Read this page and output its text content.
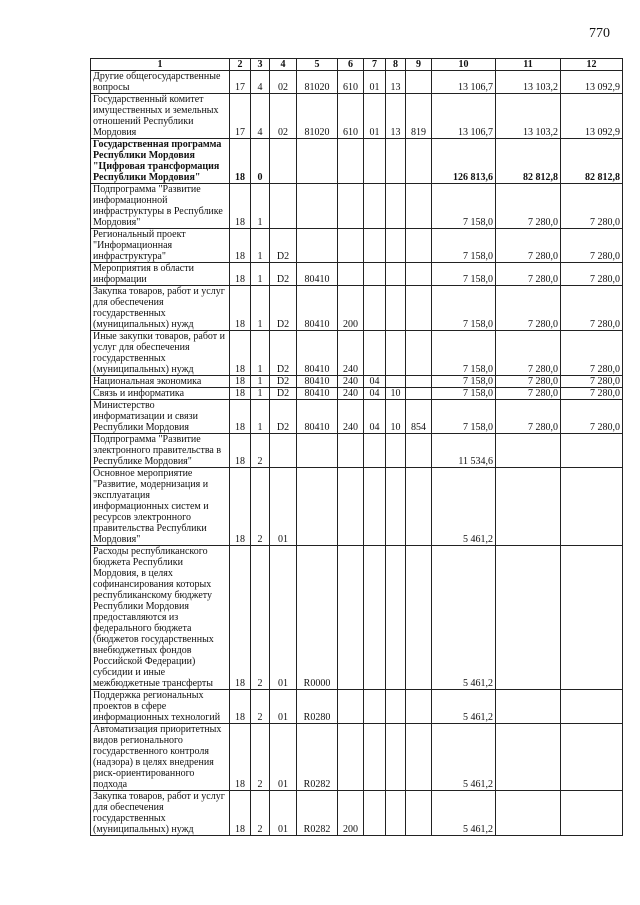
770
1	2	3	4	5	6	7	8	9	10	11	12
Другие общегосударственные вопросы	17	4	02	81020	610	01	13		13 106,7	13 103,2	13 092,9
Государственный комитет имущественных и земельных отношений Республики Мордовия	17	4	02	81020	610	01	13	819	13 106,7	13 103,2	13 092,9
Государственная программа Республики Мордовия "Цифровая трансформация Республики Мордовия"	18	0							126 813,6	82 812,8	82 812,8
Подпрограмма "Развитие информационной инфраструктуры в Республике Мордовия"	18	1							7 158,0	7 280,0	7 280,0
Региональный проект "Информационная инфраструктура"	18	1	D2						7 158,0	7 280,0	7 280,0
Мероприятия в области информации	18	1	D2	80410					7 158,0	7 280,0	7 280,0
Закупка товаров, работ и услуг для обеспечения государственных (муниципальных) нужд	18	1	D2	80410	200				7 158,0	7 280,0	7 280,0
Иные закупки товаров, работ и услуг для обеспечения государственных (муниципальных) нужд	18	1	D2	80410	240				7 158,0	7 280,0	7 280,0
Национальная экономика	18	1	D2	80410	240	04			7 158,0	7 280,0	7 280,0
Связь и информатика	18	1	D2	80410	240	04	10		7 158,0	7 280,0	7 280,0
Министерство информатизации и связи Республики Мордовия	18	1	D2	80410	240	04	10	854	7 158,0	7 280,0	7 280,0
Подпрограмма "Развитие электронного правительства в Республике Мордовия"	18	2							11 534,6		
Основное мероприятие "Развитие, модернизация и эксплуатация информационных систем и ресурсов электронного правительства Республики Мордовия"	18	2	01						5 461,2		
Расходы республиканского бюджета Республики Мордовия, в целях софинансирования которых республиканскому бюджету Республики Мордовия предоставляются из федерального бюджета (бюджетов государственных внебюджетных фондов Российской Федерации) субсидии и иные межбюджетные трансферты	18	2	01	R0000					5 461,2		
Поддержка региональных проектов в сфере информационных технологий	18	2	01	R0280					5 461,2		
Автоматизация приоритетных видов регионального государственного контроля (надзора) в целях внедрения риск-ориентированного подхода	18	2	01	R0282					5 461,2		
Закупка товаров, работ и услуг для обеспечения государственных (муниципальных) нужд	18	2	01	R0282	200				5 461,2		
